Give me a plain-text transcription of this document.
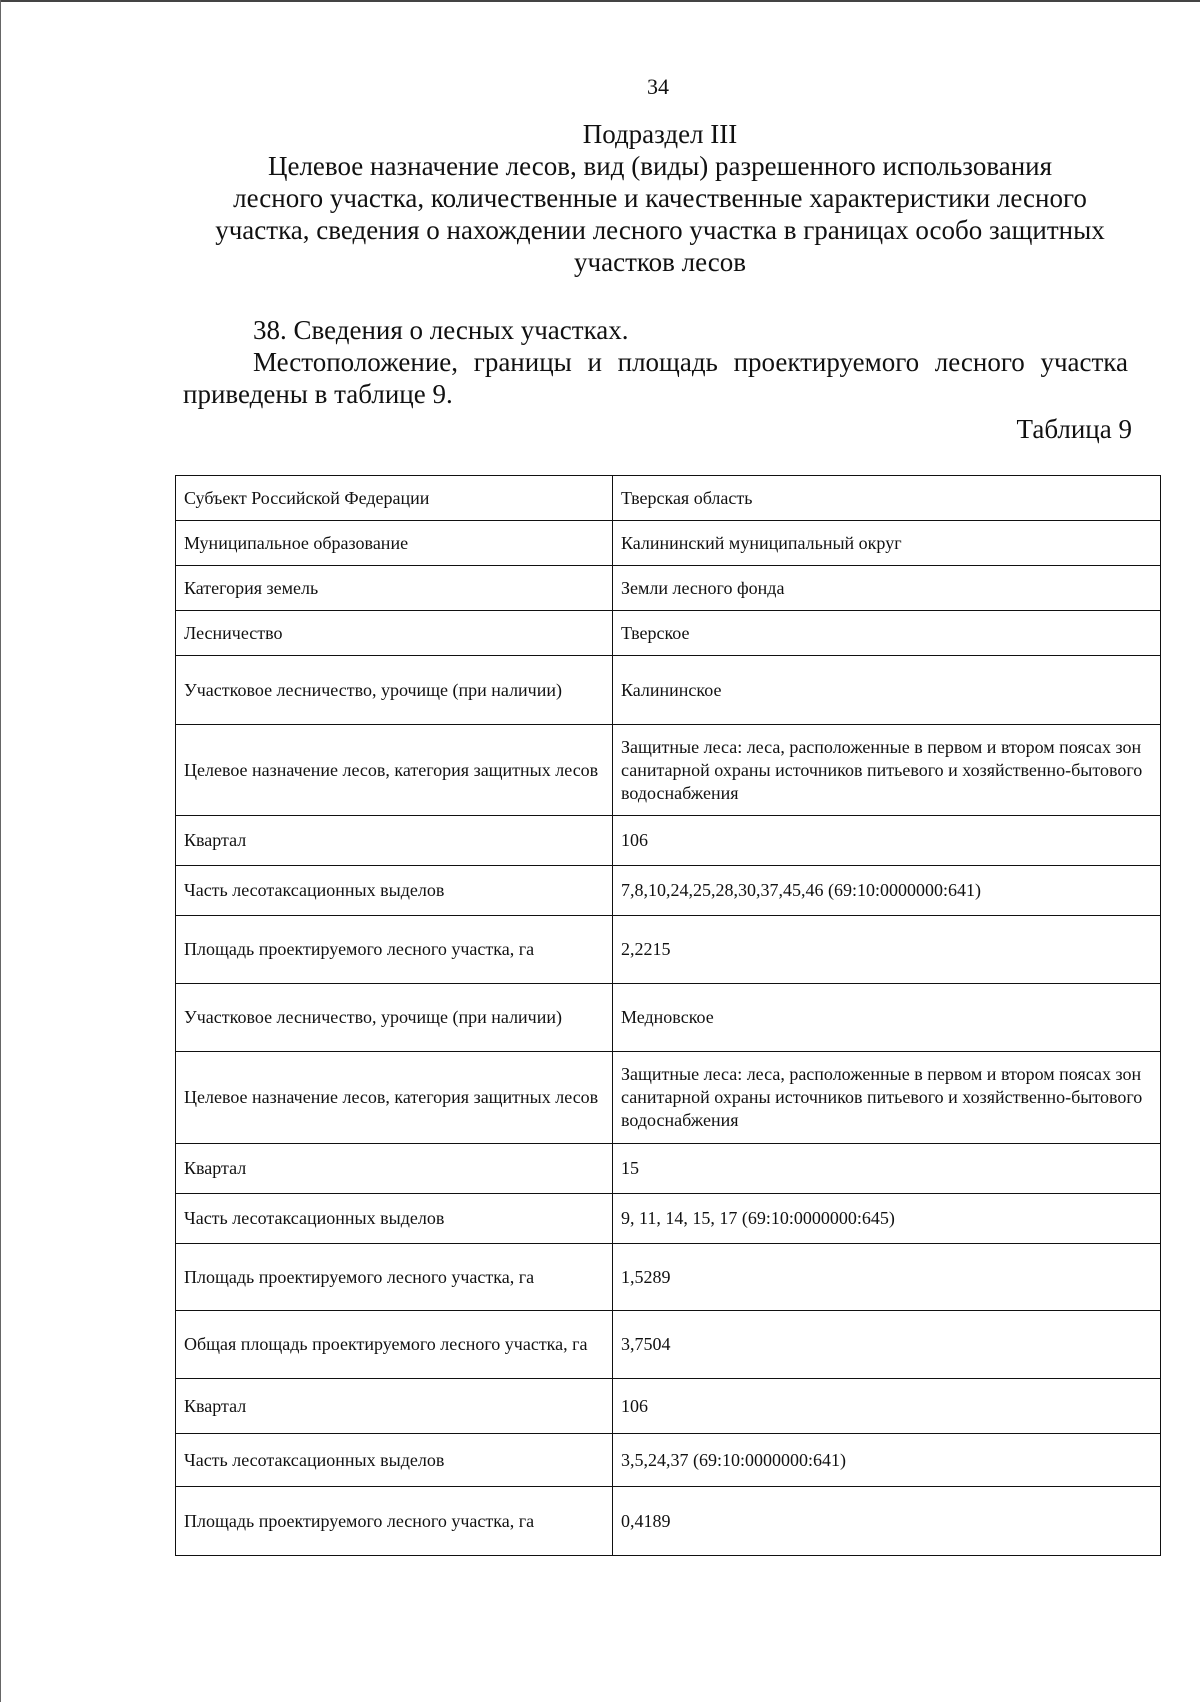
34
Подраздел III
Целевое назначение лесов, вид (виды) разрешенного использования
лесного участка, количественные и качественные характеристики лесного
участка, сведения о нахождении лесного участка в границах особо защитных
участков лесов
38. Сведения о лесных участках.
Местоположение, границы и площадь проектируемого лесного участка приведены в таблице 9.
Таблица 9
Субъект Российской Федерации	Тверская область
Муниципальное образование	Калининский муниципальный округ
Категория земель	Земли лесного фонда
Лесничество	Тверское
Участковое лесничество, урочище (при наличии)	Калининское
Целевое назначение лесов, категория защитных лесов	Защитные леса: леса, расположенные в первом и втором поясах зон санитарной охраны источников питьевого и хозяйственно-бытового водоснабжения
Квартал	106
Часть лесотаксационных выделов	7,8,10,24,25,28,30,37,45,46 (69:10:0000000:641)
Площадь проектируемого лесного участка, га	2,2215
Участковое лесничество, урочище (при наличии)	Медновское
Целевое назначение лесов, категория защитных лесов	Защитные леса: леса, расположенные в первом и втором поясах зон санитарной охраны источников питьевого и хозяйственно-бытового водоснабжения
Квартал	15
Часть лесотаксационных выделов	9, 11, 14, 15, 17 (69:10:0000000:645)
Площадь проектируемого лесного участка, га	1,5289
Общая площадь проектируемого лесного участка, га	3,7504
Квартал	106
Часть лесотаксационных выделов	3,5,24,37 (69:10:0000000:641)
Площадь проектируемого лесного участка, га	0,4189
